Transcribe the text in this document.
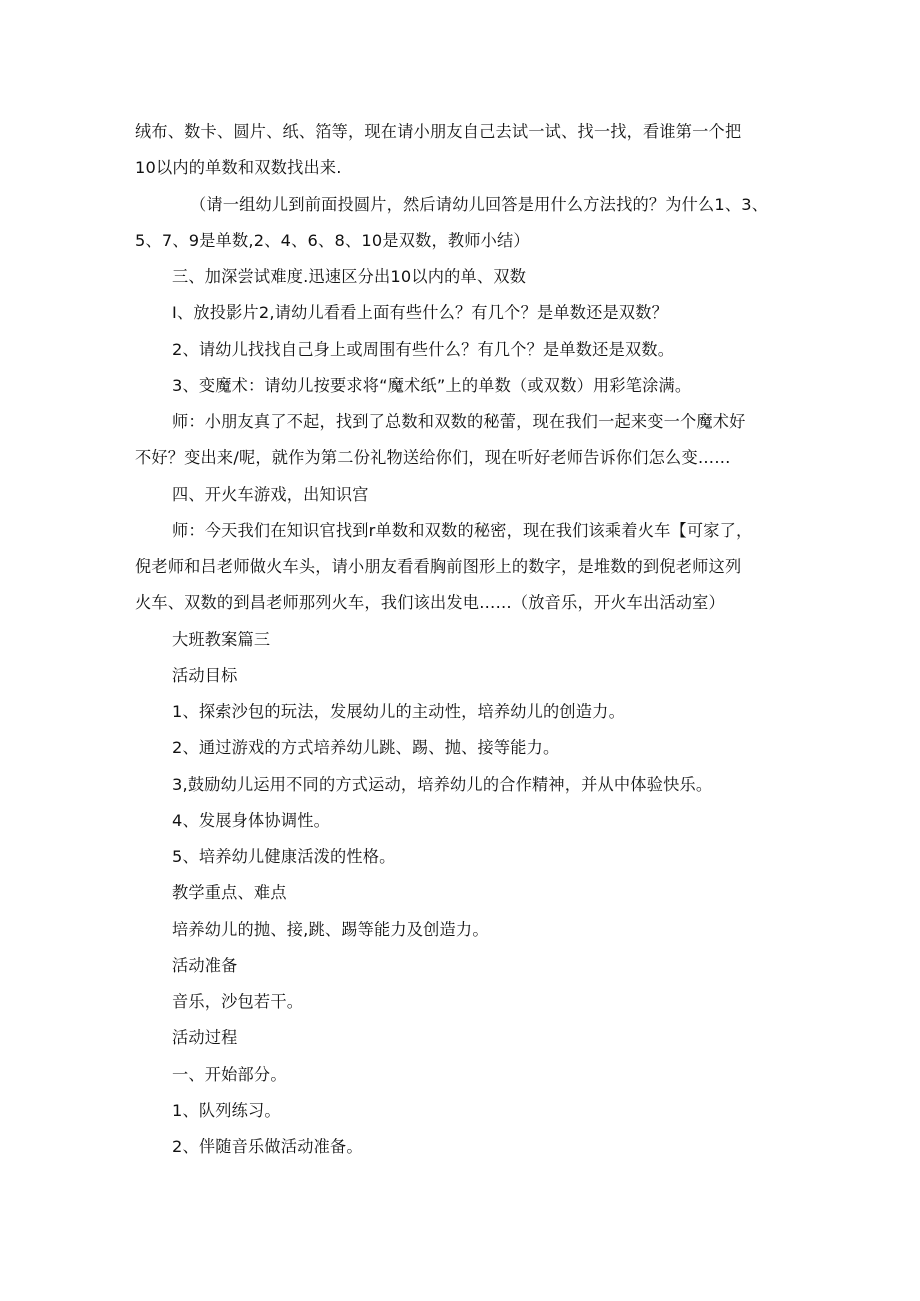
绒布、数卡、圆片、纸、箔等，现在请小朋友自己去试一试、找一找，看谁第一个把
10以内的单数和双数找出来.
（请一组幼儿到前面投圆片，然后请幼儿回答是用什么方法找的？为什么1、3、
5、7、9是单数,2、4、6、8、10是双数，教师小结）
三、加深尝试难度.迅速区分出10以内的单、双数
I、放投影片2,请幼儿看看上面有些什么？有几个？是单数还是双数？
2、请幼儿找找自己身上或周围有些什么？有几个？是单数还是双数。
3、变魔术：请幼儿按要求将“魔术纸”上的单数（或双数）用彩笔涂满。
师：小朋友真了不起，找到了总数和双数的秘蕾，现在我们一起来变一个魔术好
不好？变出来/呢，就作为第二份礼物送给你们，现在听好老师告诉你们怎么变……
四、开火车游戏，出知识宫
师：今天我们在知识官找到r单数和双数的秘密，现在我们该乘着火车【可家了，
倪老师和吕老师做火车头，请小朋友看看胸前图形上的数字，是堆数的到倪老师这列
火车、双数的到昌老师那列火车，我们该出发电……（放音乐，开火车出活动室）
大班教案篇三
活动目标
1、探索沙包的玩法，发展幼儿的主动性，培养幼儿的创造力。
2、通过游戏的方式培养幼儿跳、踢、抛、接等能力。
3,鼓励幼儿运用不同的方式运动，培养幼儿的合作精神，并从中体验快乐。
4、发展身体协调性。
5、培养幼儿健康活泼的性格。
教学重点、难点
培养幼儿的抛、接,跳、踢等能力及创造力。
活动准备
音乐，沙包若干。
活动过程
一、开始部分。
1、队列练习。
2、伴随音乐做活动准备。
